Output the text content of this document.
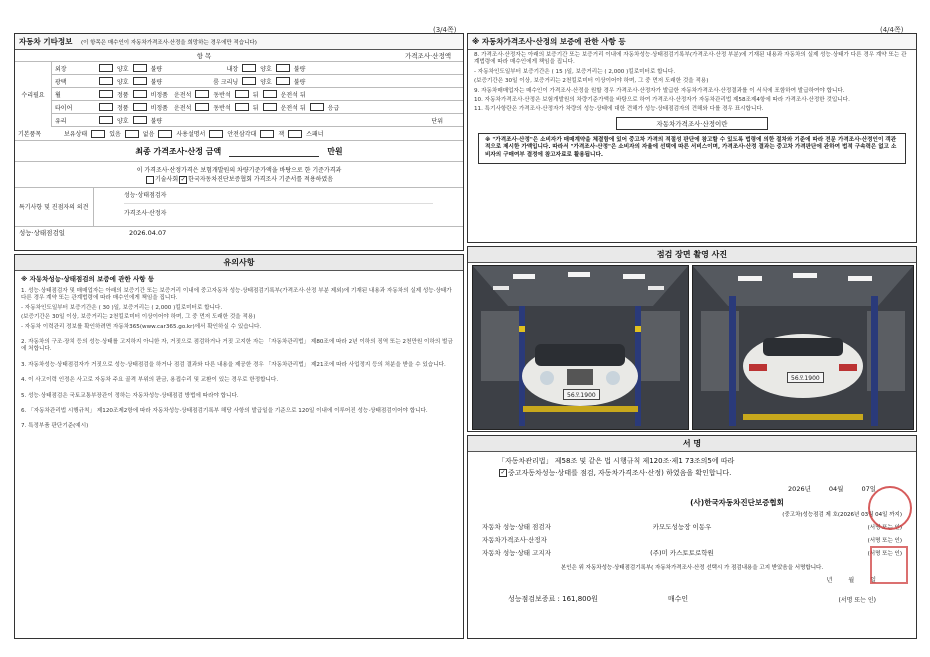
(3/4쪽)	(4/4쪽)
자동차 기타정보 (이 항목은 매수인이 자동차가격조사·산정을 희망하는 경우에만 적습니다)
항 목	가격조사·산정액
수리필요
외장	양호	불량	내장	양호	불량
광택	양호	불량	룸 크리닝	양호	불량
휠	정품	비정품	운전석	동반석	뒤	운전석 뒤
타이어	정품	비정품	운전석	동반석	뒤	운전석 뒤	응급
유리	양호	불량	단위
기본품목	보유상태	있음	없음	사용설명서	안전삼각대	잭	스패너
최종 가격조사·산정 금액	만원
이 가격조사·산정가격은 보험개발원의 차량기준가액을 바탕으로 한 기준가격과
기술사회 ✓ 한국자동차진단보증협회 가격조사 기준서를 적용하였음
특기사항 및 진점자의 의견
성능·상태점검자
가격조사·산정자
성능·상태점검일	2026.04.07
유의사항
※ 자동차성능·상태점검의 보증에 관한 사항 등
1. 성능·상태점검자 및 매매업자는 아래의 보증기간 또는 보증거리 이내에 중고자동차 성능·상태점검기록부(가격조사·산정 부분 제외)에 기재된 내용과 자동차의 실제 성능·상태가 다른 경우 계약 또는 관계법령에 따라 매수인에게 책임을 집니다.
- 자동차인도일부터 보증기간은 ( 30 )일, 보증거리는 ( 2,000 )킬로미터로 합니다.
(보증기간은 30일 이상, 보증거리는 2천킬로미터 이상이어야 하며, 그 중 먼저 도래한 것을 적용)
- 자동차 이력관리 정보를 확인하려면 자동차365(www.car365.go.kr)에서 확인하실 수 있습니다.
2. 자동차의 구조·장치 등의 성능·상태를 고지하지 아니한 자, 거짓으로 점검하거나 거짓 고지한 자는 「자동차관리법」 제80조에 따라 2년 이하의 징역 또는 2천만원 이하의 벌금에 처합니다.
3. 자동차성능·상태점검자가 거짓으로 성능·상태점검을 하거나 점검 결과와 다른 내용을 제공한 경우 「자동차관리법」 제21조에 따라 사업정지 등의 처분을 받을 수 있습니다.
4. 이 사고이력 인정은 사고로 자동차 주요 골격 부위의 판금, 용접수리 및 교환이 있는 경우로 한정합니다.
5. 성능·상태점검은 국토교통부장관이 정하는 자동차성능·상태점검 방법에 따라야 합니다.
6. 「자동차관리법 시행규칙」 제120조제2항에 따라 자동차성능·상태점검기록부 해당 사항의 발급일을 기준으로 120일 이내에 이루어진 성능·상태점검이어야 합니다.
7. 특정부품 판단기준(예시)
※ 자동차가격조사·산정의 보증에 관한 사항 등
8. 가격조사·산정자는 아래의 보증기간 또는 보증거리 이내에 자동차성능·상태점검기록부(가격조사·산정 부분)에 기재된 내용과 자동차의 실제 성능·상태가 다른 경우 계약 또는 관계법령에 따라 매수인에게 책임을 집니다.
- 자동차인도일부터 보증기간은 ( 15 )일, 보증거리는 ( 2,000 )킬로미터로 합니다.
(보증기간은 30일 이상, 보증거리는 2천킬로미터 이상이어야 하며, 그 중 먼저 도래한 것을 적용)
9. 자동차매매업자는 매수인이 가격조사·산정을 원할 경우 가격조사·산정자가 발급한 자동차가격조사·산정결과를 이 서식에 포함하여 발급하여야 합니다.
10. 자동차가격조사·산정은 보험개발원의 차량기준가액을 바탕으로 하여 가격조사·산정자가 자동차관리법 제58조제4항에 따라 가격조사·산정한 것입니다.
11. 특기사항란은 가격조사·산정자가 차량의 성능·상태에 대한 견해가 성능·상태점검자의 견해와 다를 경우 표시합니다.
자동차가격조사·산정이란
※ "가격조사·산정"은 소비자가 매매계약을 체결함에 있어 중고차 가격의 적절성 판단에 참고할 수 있도록 법령에 의한 절차와 기준에 따라 전문 가격조사·산정인이 객관적으로 제시한 가액입니다. 따라서 "가격조사·산정"은 소비자의 자율에 선택에 따른 서비스이며, 가격조사·산정 결과는 중고차 가격판단에 관하여 법적 구속력은 없고 소비자의 구매여부 결정에 참고자료로 활용됩니다.
점검 장면 촬영 사진
56오1900
56오1900
서 명
「자동차관리법」 제58조 및 같은 법 시행규칙 제120조·제1 73조의5에 따라
✓ 중고자동차성능·상태를 점검, 자동차가격조사·산정) 하였음을 확인합니다.
2026년	04월	07일
(사)한국자동차진단보증협회
(중고차)성능점검 제 호(2026년 03월 04일 까지)
자동차 성능·상태 점검자	카모도성능장 이동우	(서명 또는 인)
자동차가격조사·산정자	(서명 또는 인)
자동차 성능·상태 고지자	(주)미 카스토토로학원	(서명 또는 인)
본인은 위 자동차성능·상태점검기록부( 자동차가격조사·산정 선택시 가 점검내용을 고지 받았음을 서명합니다.
년	월	일
성능점검보증료 : 161,800원	매수인	(서명 또는 인)
